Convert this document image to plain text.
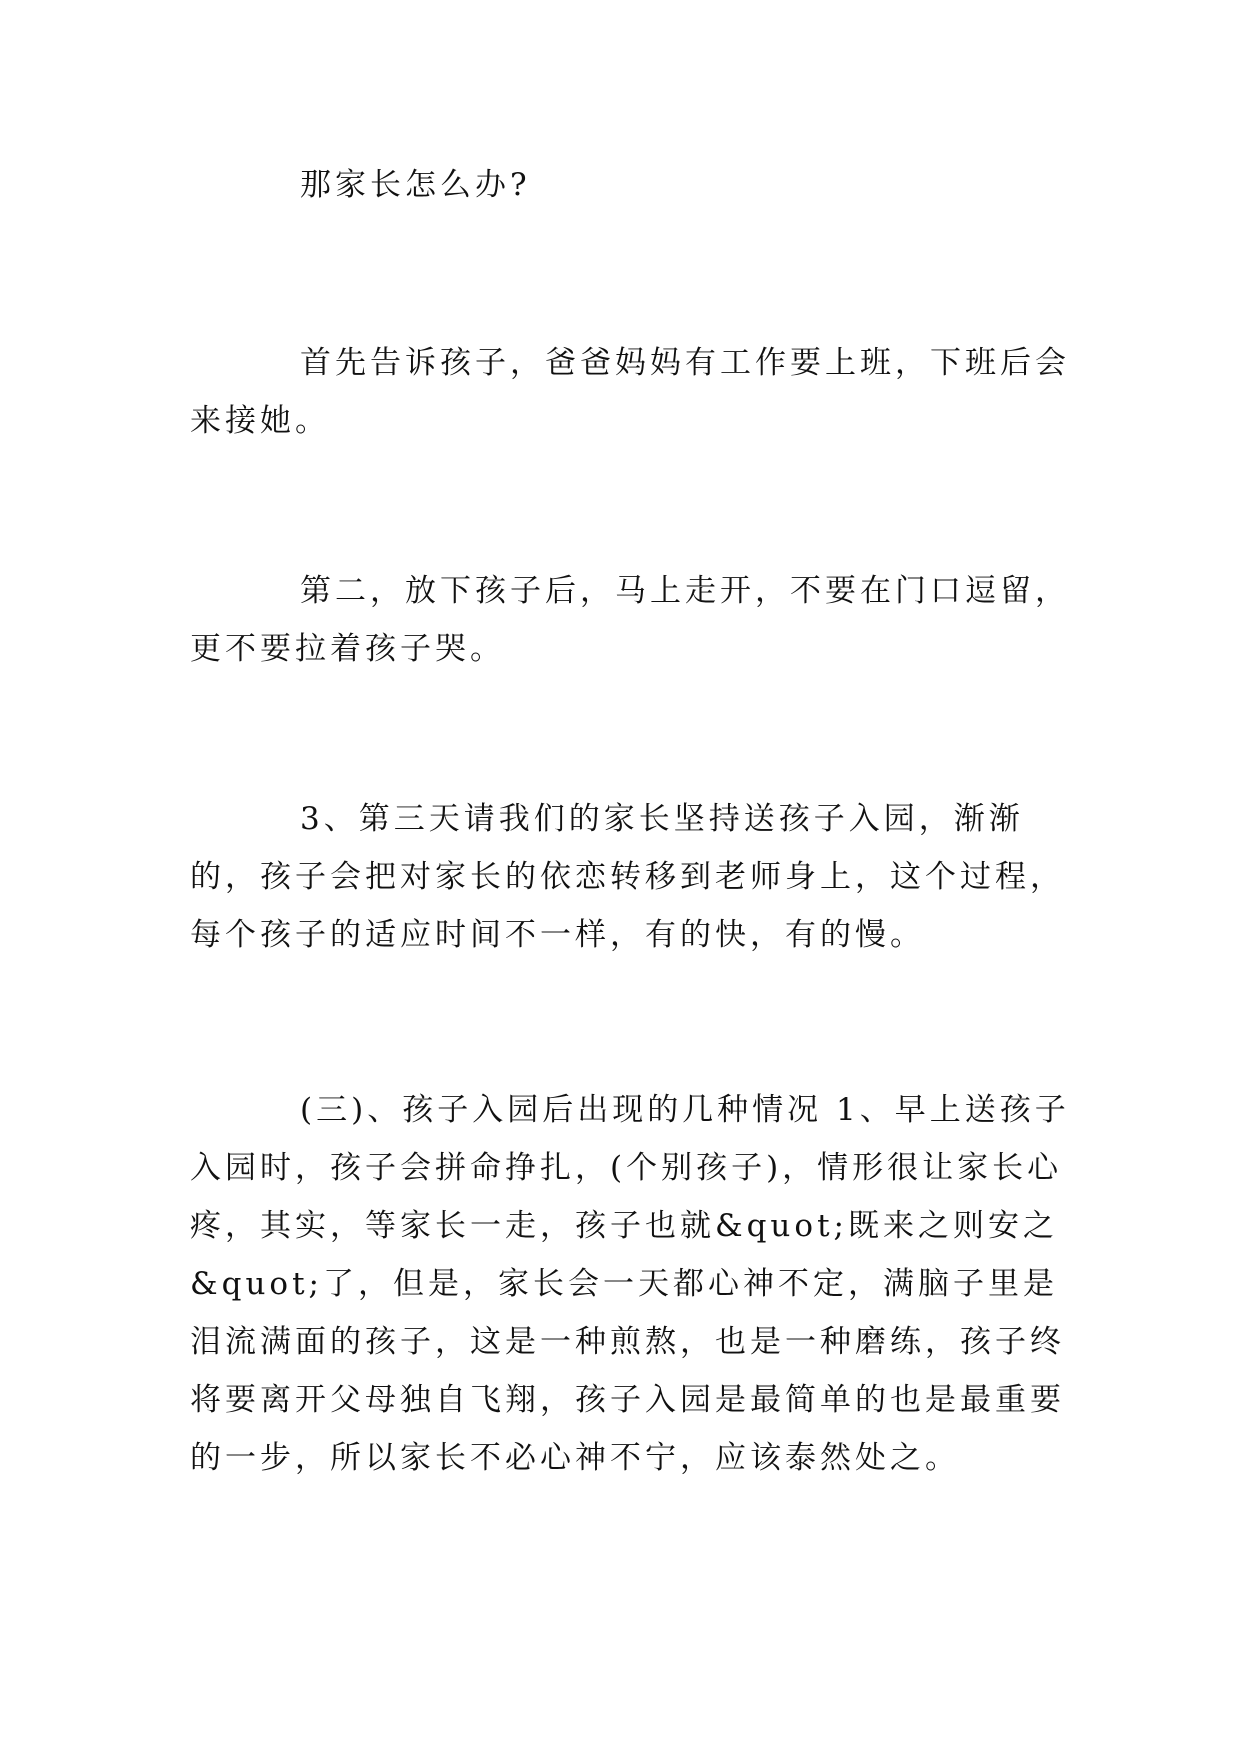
那家长怎么办?

首先告诉孩子，爸爸妈妈有工作要上班，下班后会来接她。

第二，放下孩子后，马上走开，不要在门口逗留，更不要拉着孩子哭。

3、第三天请我们的家长坚持送孩子入园，渐渐的，孩子会把对家长的依恋转移到老师身上，这个过程，每个孩子的适应时间不一样，有的快，有的慢。

(三)、孩子入园后出现的几种情况 1、早上送孩子入园时，孩子会拼命挣扎，(个别孩子)，情形很让家长心疼，其实，等家长一走，孩子也就&quot;既来之则安之&quot;了，但是，家长会一天都心神不定，满脑子里是泪流满面的孩子，这是一种煎熬，也是一种磨练，孩子终将要离开父母独自飞翔，孩子入园是最简单的也是最重要的一步，所以家长不必心神不宁，应该泰然处之。
